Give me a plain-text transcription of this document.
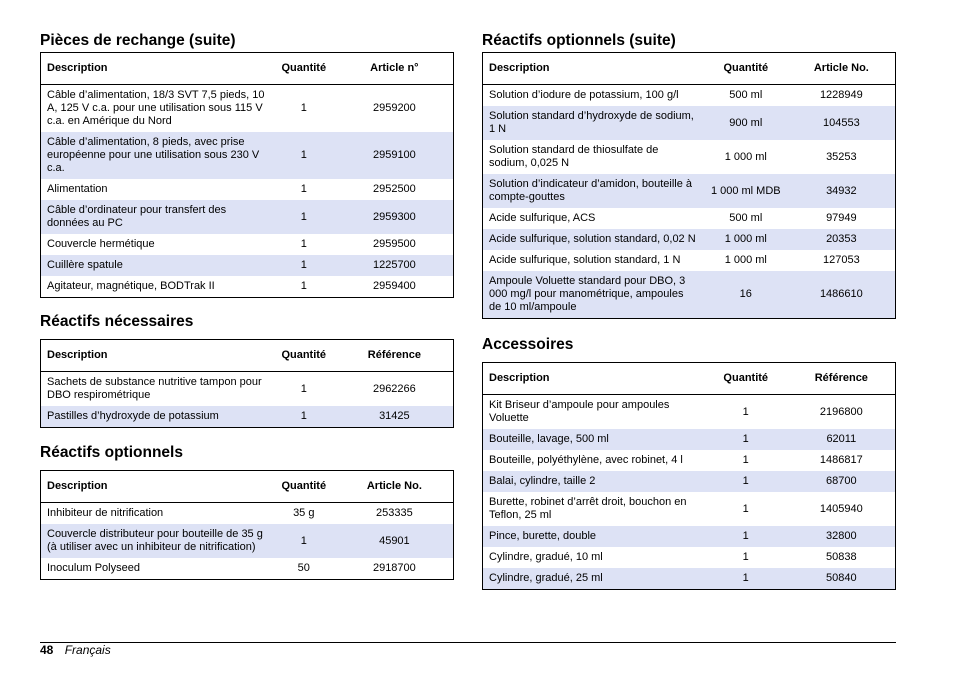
Pièces de rechange (suite)
Description	Quantité	Article n°
Câble d’alimentation, 18/3 SVT 7,5 pieds, 10 A, 125 V c.a. pour une utilisation sous 115 V c.a. en Amérique du Nord	1	2959200
Câble d’alimentation, 8 pieds, avec prise européenne pour une utilisation sous 230 V c.a.	1	2959100
Alimentation	1	2952500
Câble d’ordinateur pour transfert des données au PC	1	2959300
Couvercle hermétique	1	2959500
Cuillère spatule	1	1225700
Agitateur, magnétique, BODTrak II	1	2959400
Réactifs nécessaires
Description	Quantité	Référence
Sachets de substance nutritive tampon pour DBO respirométrique	1	2962266
Pastilles d’hydroxyde de potassium	1	31425
Réactifs optionnels
Description	Quantité	Article No.
Inhibiteur de nitrification	35 g	253335
Couvercle distributeur pour bouteille de 35 g (à utiliser avec un inhibiteur de nitrification)	1	45901
Inoculum Polyseed	50	2918700
Réactifs optionnels (suite)
Description	Quantité	Article No.
Solution d’iodure de potassium, 100 g/l	500 ml	1228949
Solution standard d’hydroxyde de sodium, 1 N	900 ml	104553
Solution standard de thiosulfate de sodium, 0,025 N	1 000 ml	35253
Solution d’indicateur d’amidon, bouteille à compte-gouttes	1 000 ml MDB	34932
Acide sulfurique, ACS	500 ml	97949
Acide sulfurique, solution standard, 0,02 N	1 000 ml	20353
Acide sulfurique, solution standard, 1 N	1 000 ml	127053
Ampoule Voluette standard pour DBO, 3 000 mg/l pour manométrique, ampoules de 10 ml/ampoule	16	1486610
Accessoires
Description	Quantité	Référence
Kit Briseur d’ampoule pour ampoules Voluette	1	2196800
Bouteille, lavage, 500 ml	1	62011
Bouteille, polyéthylène, avec robinet, 4 l	1	1486817
Balai, cylindre, taille 2	1	68700
Burette, robinet d’arrêt droit, bouchon en Teflon, 25 ml	1	1405940
Pince, burette, double	1	32800
Cylindre, gradué, 10 ml	1	50838
Cylindre, gradué, 25 ml	1	50840
48 Français
